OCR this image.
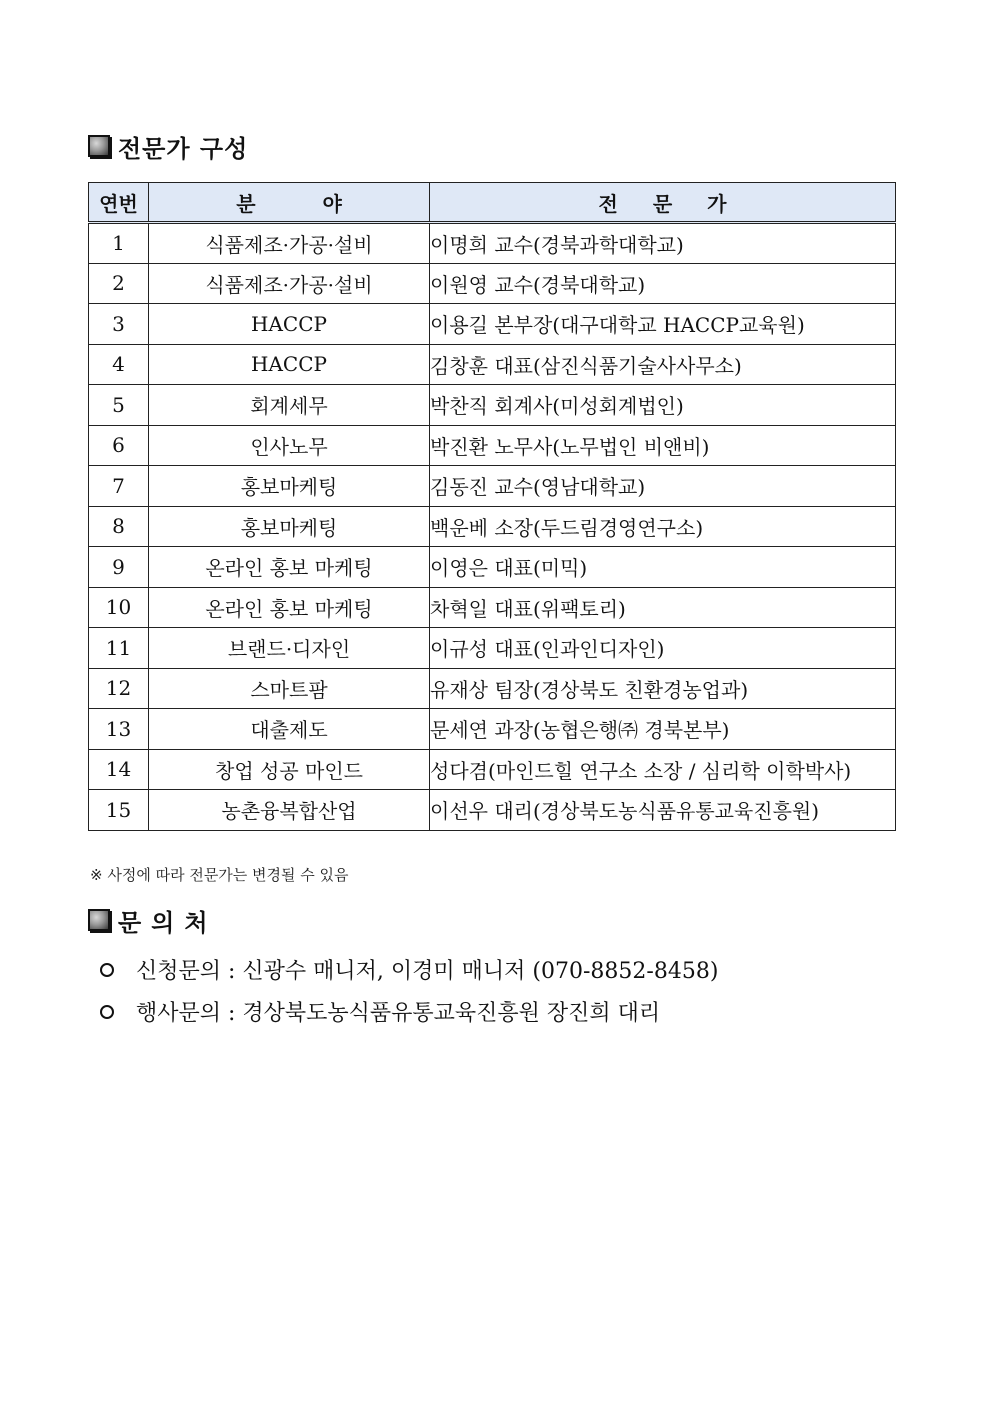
전문가 구성
연번	분 야	전 문 가
1	식품제조·가공·설비	이명희 교수(경북과학대학교)
2	식품제조·가공·설비	이원영 교수(경북대학교)
3	HACCP	이용길 본부장(대구대학교 HACCP교육원)
4	HACCP	김창훈 대표(삼진식품기술사사무소)
5	회계세무	박찬직 회계사(미성회계법인)
6	인사노무	박진환 노무사(노무법인 비앤비)
7	홍보마케팅	김동진 교수(영남대학교)
8	홍보마케팅	백운베 소장(두드림경영연구소)
9	온라인 홍보 마케팅	이영은 대표(미믹)
10	온라인 홍보 마케팅	차혁일 대표(위팩토리)
11	브랜드·디자인	이규성 대표(인과인디자인)
12	스마트팜	유재상 팀장(경상북도 친환경농업과)
13	대출제도	문세연 과장(농협은행㈜ 경북본부)
14	창업 성공 마인드	성다겸(마인드힐 연구소 소장 / 심리학 이학박사)
15	농촌융복합산업	이선우 대리(경상북도농식품유통교육진흥원)
※ 사정에 따라 전문가는 변경될 수 있음
문의처
신청문의 : 신광수 매니저, 이경미 매니저 (070-8852-8458)
행사문의 : 경상북도농식품유통교육진흥원 장진희 대리
